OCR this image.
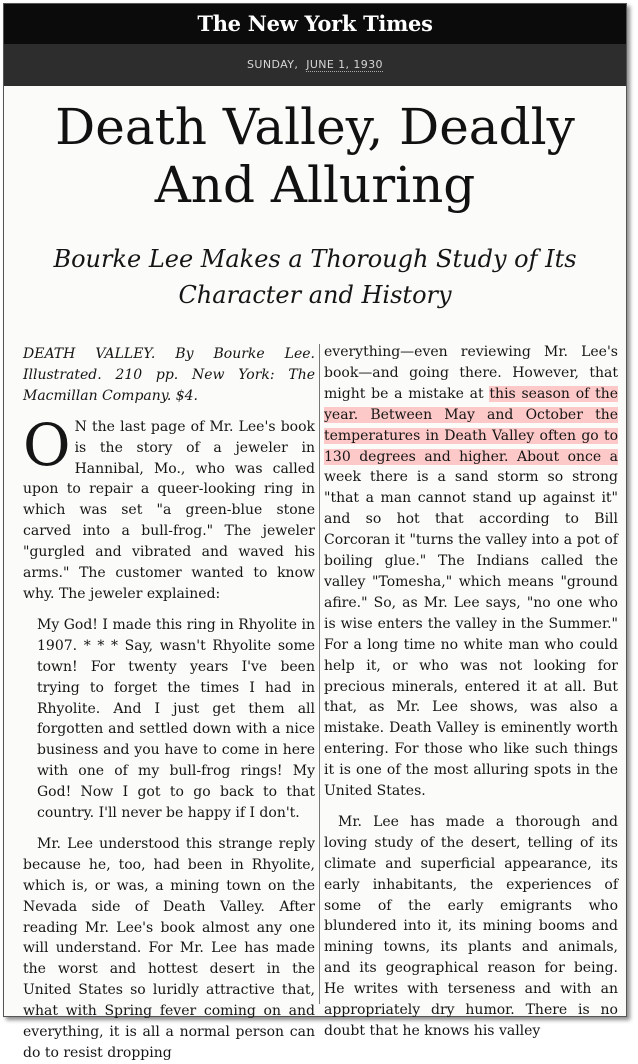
The New York Times
SUNDAY, JUNE 1, 1930
Death Valley, Deadly
And Alluring
Bourke Lee Makes a Thorough Study of Its
Character and History

DEATH VALLEY. By Bourke Lee. Illustrated. 210 pp. New York: The Macmillan Company. $4.

O N the last page of Mr. Lee's book is the story of a jeweler in Hannibal, Mo., who was called upon to repair a queer-looking ring in which was set "a green-blue stone carved into a bull-frog." The jeweler "gurgled and vibrated and waved his arms." The customer wanted to know why. The jeweler explained:

My God! I made this ring in Rhyolite in 1907. * * * Say, wasn't Rhyolite some town! For twenty years I've been trying to forget the times I had in Rhyolite. And I just get them all forgotten and settled down with a nice business and you have to come in here with one of my bull-frog rings! My God! Now I got to go back to that country. I'll never be happy if I don't.

Mr. Lee understood this strange reply because he, too, had been in Rhyolite, which is, or was, a mining town on the Nevada side of Death Valley. After reading Mr. Lee's book almost any one will understand. For Mr. Lee has made the worst and hottest desert in the United States so luridly attractive that, what with Spring fever coming on and everything, it is all a normal person can do to resist dropping

everything—even reviewing Mr. Lee's book—and going there. However, that might be a mistake at this season of the year. Between May and October the temperatures in Death Valley often go to 130 degrees and higher. About once a week there is a sand storm so strong "that a man cannot stand up against it" and so hot that according to Bill Corcoran it "turns the valley into a pot of boiling glue." The Indians called the valley "Tomesha," which means "ground afire." So, as Mr. Lee says, "no one who is wise enters the valley in the Summer." For a long time no white man who could help it, or who was not looking for precious minerals, entered it at all. But that, as Mr. Lee shows, was also a mistake. Death Valley is eminently worth entering. For those who like such things it is one of the most alluring spots in the United States.

Mr. Lee has made a thorough and loving study of the desert, telling of its climate and superficial appearance, its early inhabitants, the experiences of some of the early emigrants who blundered into it, its mining booms and mining towns, its plants and animals, and its geographical reason for being. He writes with terseness and with an appropriately dry humor. There is no doubt that he knows his valley
